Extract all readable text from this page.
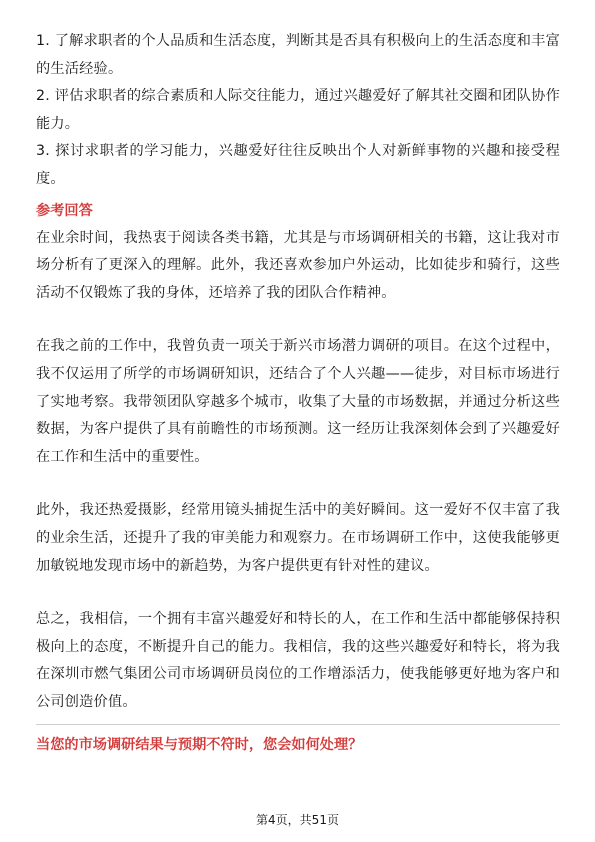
1. 了解求职者的个人品质和生活态度，判断其是否具有积极向上的生活态度和丰富的生活经验。

2. 评估求职者的综合素质和人际交往能力，通过兴趣爱好了解其社交圈和团队协作能力。

3. 探讨求职者的学习能力，兴趣爱好往往反映出个人对新鲜事物的兴趣和接受程度。

参考回答

在业余时间，我热衷于阅读各类书籍，尤其是与市场调研相关的书籍，这让我对市场分析有了更深入的理解。此外，我还喜欢参加户外运动，比如徒步和骑行，这些活动不仅锻炼了我的身体，还培养了我的团队合作精神。

在我之前的工作中，我曾负责一项关于新兴市场潜力调研的项目。在这个过程中，我不仅运用了所学的市场调研知识，还结合了个人兴趣——徒步，对目标市场进行了实地考察。我带领团队穿越多个城市，收集了大量的市场数据，并通过分析这些数据，为客户提供了具有前瞻性的市场预测。这一经历让我深刻体会到了兴趣爱好在工作和生活中的重要性。

此外，我还热爱摄影，经常用镜头捕捉生活中的美好瞬间。这一爱好不仅丰富了我的业余生活，还提升了我的审美能力和观察力。在市场调研工作中，这使我能够更加敏锐地发现市场中的新趋势，为客户提供更有针对性的建议。

总之，我相信，一个拥有丰富兴趣爱好和特长的人，在工作和生活中都能够保持积极向上的态度，不断提升自己的能力。我相信，我的这些兴趣爱好和特长，将为我在深圳市燃气集团公司市场调研员岗位的工作增添活力，使我能够更好地为客户和公司创造价值。

当您的市场调研结果与预期不符时，您会如何处理？
第4页，共51页
